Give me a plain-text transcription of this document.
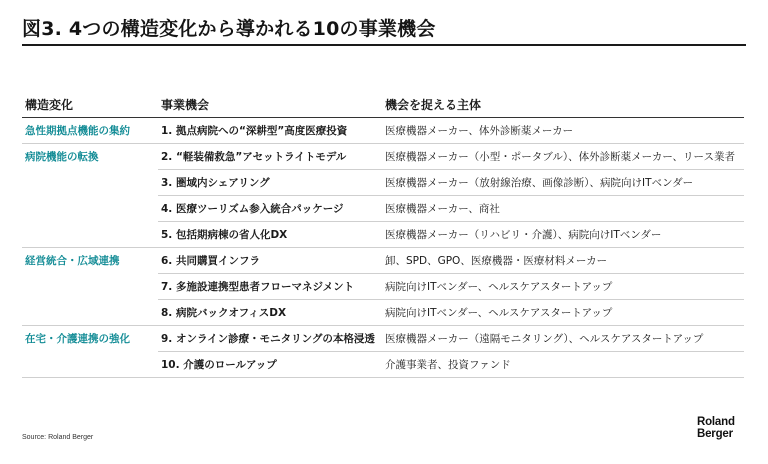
図3. 4つの構造変化から導かれる10の事業機会
構造変化	事業機会	機会を捉える主体
急性期拠点機能の集約	1. 拠点病院への“深耕型”高度医療投資	医療機器メーカー、体外診断薬メーカー
病院機能の転換	2. “軽装備救急”アセットライトモデル	医療機器メーカー（小型・ポータブル）、体外診断薬メーカー、リース業者
	3. 圏域内シェアリング	医療機器メーカー（放射線治療、画像診断）、病院向けITベンダー
	4. 医療ツーリズム参入統合パッケージ	医療機器メーカー、商社
	5. 包括期病棟の省人化DX	医療機器メーカー（リハビリ・介護）、病院向けITベンダー
経営統合・広域連携	6. 共同購買インフラ	卸、SPD、GPO、医療機器・医療材料メーカー
	7. 多施設連携型患者フローマネジメント	病院向けITベンダー、ヘルスケアスタートアップ
	8. 病院バックオフィスDX	病院向けITベンダー、ヘルスケアスタートアップ
在宅・介護連携の強化	9. オンライン診療・モニタリングの本格浸透	医療機器メーカー（遠隔モニタリング）、ヘルスケアスタートアップ
	10. 介護のロールアップ	介護事業者、投資ファンド
Source: Roland Berger
Roland
Berger
